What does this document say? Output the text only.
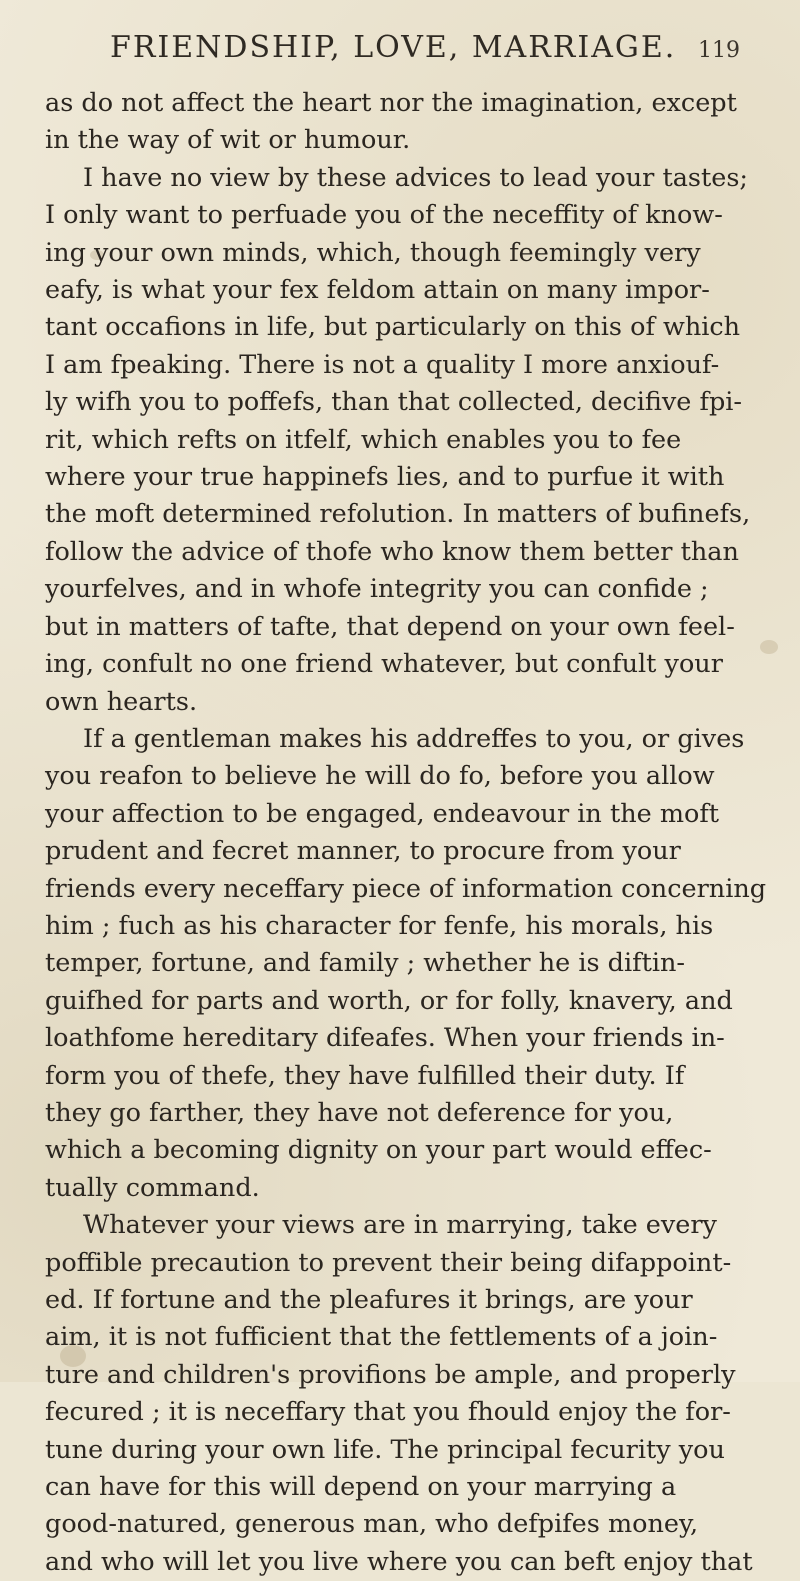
FRIENDSHIP, LOVE, MARRIAGE. 119
as do not affect the heart nor the imagination, except
in the way of wit or humour.
I have no view by these advices to lead your tastes;
I only want to perfuade you of the neceffity of know-
ing your own minds, which, though feemingly very
eafy, is what your fex feldom attain on many impor-
tant occafions in life, but particularly on this of which
I am fpeaking. There is not a quality I more anxiouf-
ly wifh you to poffefs, than that collected, decifive fpi-
rit, which refts on itfelf, which enables you to fee
where your true happinefs lies, and to purfue it with
the moft determined refolution. In matters of bufinefs,
follow the advice of thofe who know them better than
yourfelves, and in whofe integrity you can confide ;
but in matters of tafte, that depend on your own feel-
ing, confult no one friend whatever, but confult your
own hearts.
If a gentleman makes his addreffes to you, or gives
you reafon to believe he will do fo, before you allow
your affection to be engaged, endeavour in the moft
prudent and fecret manner, to procure from your
friends every neceffary piece of information concerning
him ; fuch as his character for fenfe, his morals, his
temper, fortune, and family ; whether he is diftin-
guifhed for parts and worth, or for folly, knavery, and
loathfome hereditary difeafes. When your friends in-
form you of thefe, they have fulfilled their duty. If
they go farther, they have not deference for you,
which a becoming dignity on your part would effec-
tually command.
Whatever your views are in marrying, take every
poffible precaution to prevent their being difappoint-
ed. If fortune and the pleafures it brings, are your
aim, it is not fufficient that the fettlements of a join-
ture and children's provifions be ample, and properly
fecured ; it is neceffary that you fhould enjoy the for-
tune during your own life. The principal fecurity you
can have for this will depend on your marrying a
good-natured, generous man, who defpifes money,
and who will let you live where you can beft enjoy that
